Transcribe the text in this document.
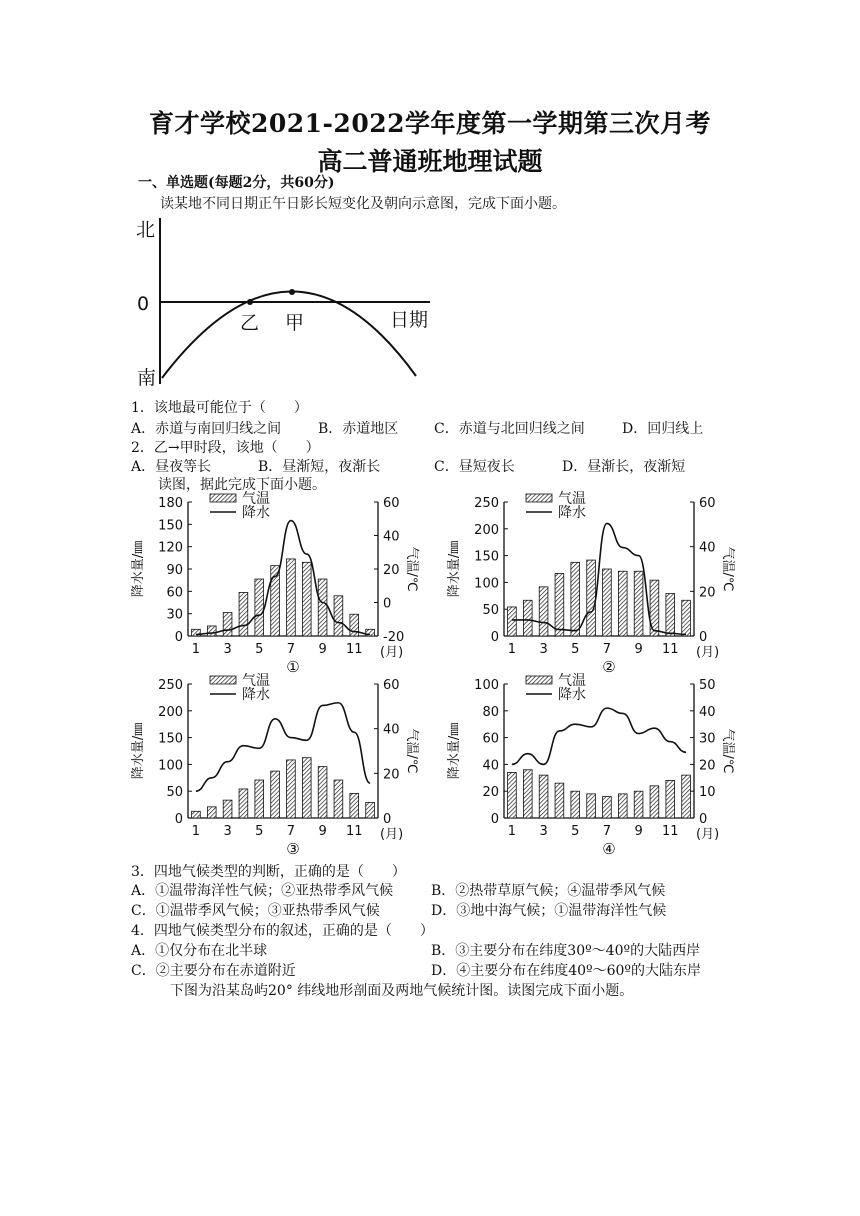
育才学校2021-2022学年度第一学期第三次月考
高二普通班地理试题
一、单选题(每题2分，共60分)
读某地不同日期正午日影长短变化及朝向示意图，完成下面小题。
北
0
南
乙 甲	日期
1．该地最可能位于（　　）
A．赤道与南回归线之间	B．赤道地区	C．赤道与北回归线之间	D．回归线上
2．乙→甲时段，该地（　　）
A．昼夜等长	B．昼渐短，夜渐长	C．昼短夜长	D．昼渐长，夜渐短
读图，据此完成下面小题。
0
30
60
90
120
150
180
-20
0
20
40
60
1 3 5 7 9 11 (月)
降水量/㎜	气温/℃
气温
降水
①
0
50
100
150
200
250
0
20
40
60
1 3 5 7 9 11 (月)
降水量/㎜	气温/℃
气温
降水
②
0
50
100
150
200
250
0
20
40
60
1 3 5 7 9 11 (月)
降水量/㎜	气温/℃
气温
降水
③
0
20
40
60
80
100
0
10
20
30
40
50
1 3 5 7 9 11 (月)
降水量/㎜	气温/℃
气温
降水
④
3．四地气候类型的判断，正确的是（　　）
A．①温带海洋性气候；②亚热带季风气候	B．②热带草原气候；④温带季风气候
C．①温带季风气候；③亚热带季风气候	D．③地中海气候；①温带海洋性气候
4．四地气候类型分布的叙述，正确的是（　　）
A．①仅分布在北半球	B．③主要分布在纬度30º～40º的大陆西岸
C．②主要分布在赤道附近	D．④主要分布在纬度40º～60º的大陆东岸
下图为沿某岛屿20° 纬线地形剖面及两地气候统计图。读图完成下面小题。
